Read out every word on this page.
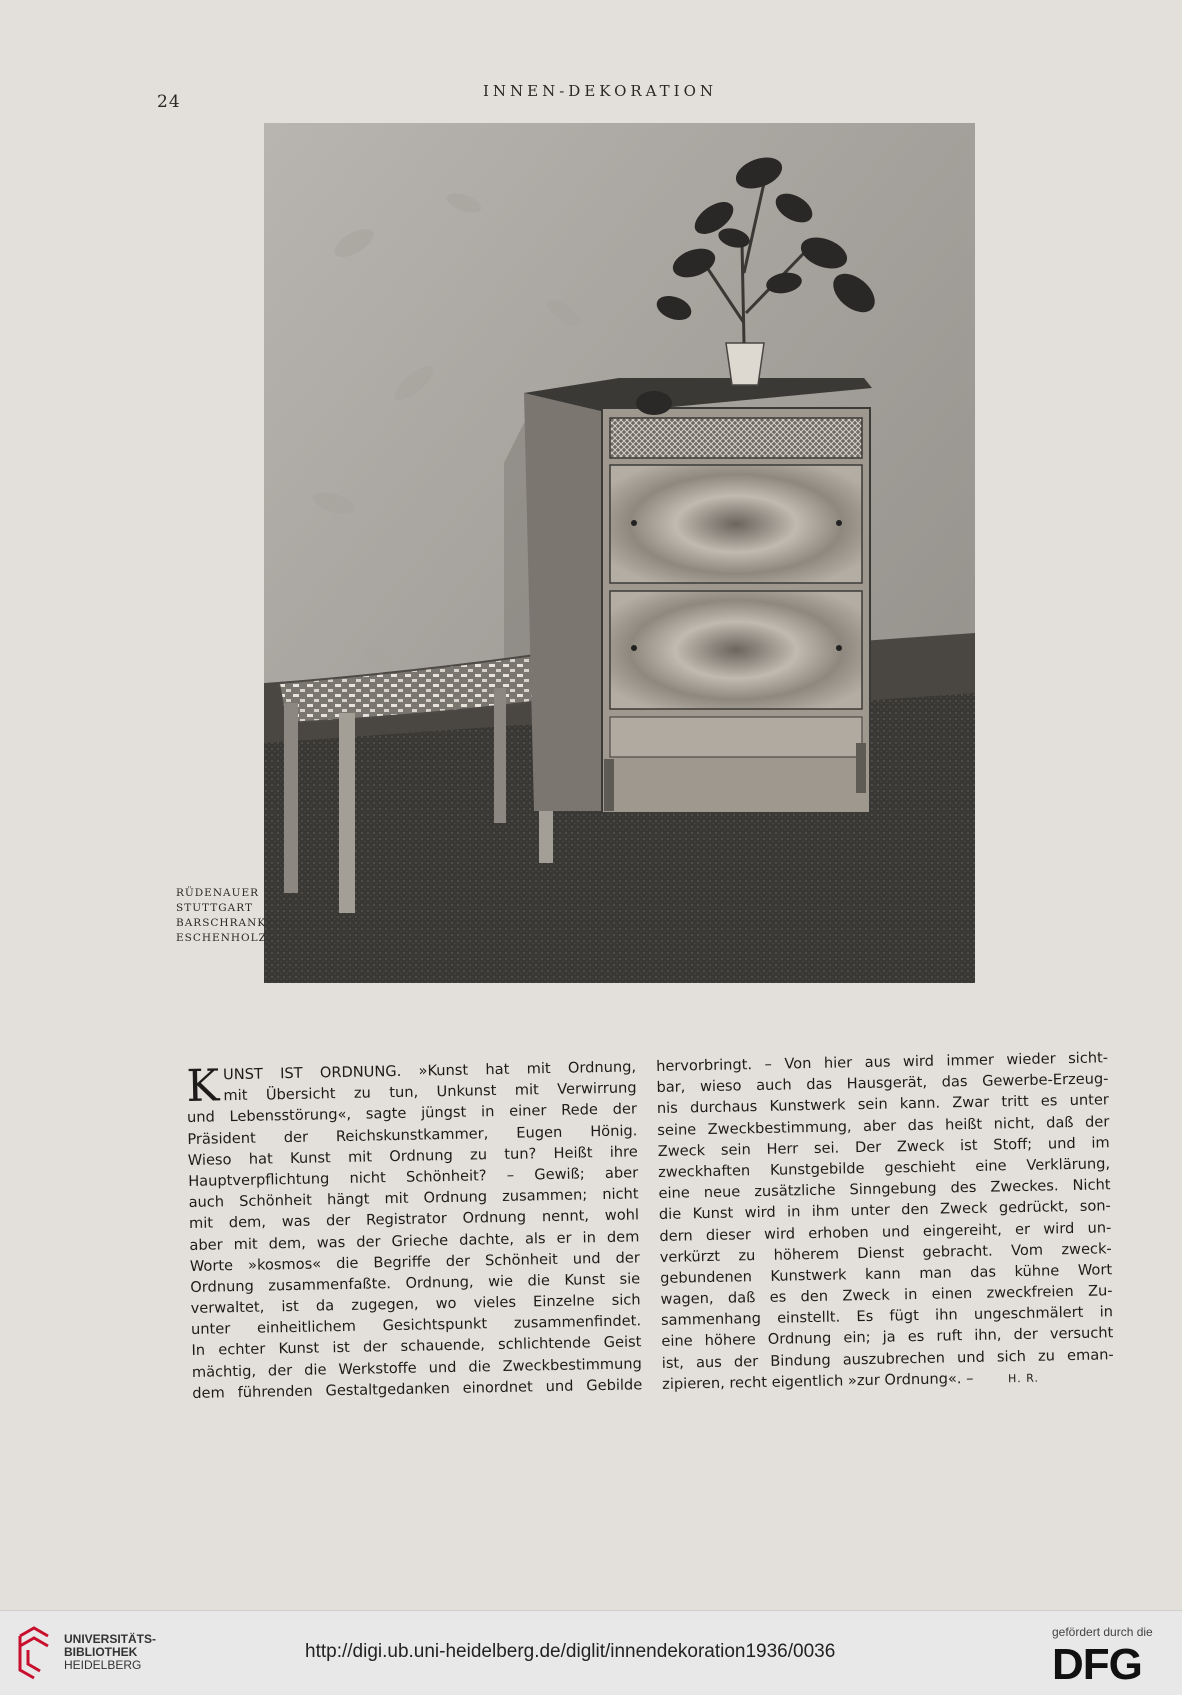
24
INNEN-DEKORATION
RÜDENAUER
STUTTGART
BARSCHRANK
ESCHENHOLZ
K UNST IST ORDNUNG. »Kunst hat mit Ordnung,
mit Übersicht zu tun, Unkunst mit Verwirrung
und Lebensstörung«, sagte jüngst in einer Rede der
Präsident der Reichskunstkammer, Eugen Hönig.
Wieso hat Kunst mit Ordnung zu tun? Heißt ihre
Hauptverpflichtung nicht Schönheit? – Gewiß; aber
auch Schönheit hängt mit Ordnung zusammen; nicht
mit dem, was der Registrator Ordnung nennt, wohl
aber mit dem, was der Grieche dachte, als er in dem
Worte »kosmos« die Begriffe der Schönheit und der
Ordnung zusammenfaßte. Ordnung, wie die Kunst sie
verwaltet, ist da zugegen, wo vieles Einzelne sich
unter einheitlichem Gesichtspunkt zusammenfindet.
In echter Kunst ist der schauende, schlichtende Geist
mächtig, der die Werkstoffe und die Zweckbestimmung
dem führenden Gestaltgedanken einordnet und Gebilde
hervorbringt. – Von hier aus wird immer wieder sicht-
bar, wieso auch das Hausgerät, das Gewerbe-Erzeug-
nis durchaus Kunstwerk sein kann. Zwar tritt es unter
seine Zweckbestimmung, aber das heißt nicht, daß der
Zweck sein Herr sei. Der Zweck ist Stoff; und im
zweckhaften Kunstgebilde geschieht eine Verklärung,
eine neue zusätzliche Sinngebung des Zweckes. Nicht
die Kunst wird in ihm unter den Zweck gedrückt, son-
dern dieser wird erhoben und eingereiht, er wird un-
verkürzt zu höherem Dienst gebracht. Vom zweck-
gebundenen Kunstwerk kann man das kühne Wort
wagen, daß es den Zweck in einen zweckfreien Zu-
sammenhang einstellt. Es fügt ihn ungeschmälert in
eine höhere Ordnung ein; ja es ruft ihn, der versucht
ist, aus der Bindung auszubrechen und sich zu eman-
zipieren, recht eigentlich »zur Ordnung«. –	H. R.
UNIVERSITÄTS-
BIBLIOTHEK
HEIDELBERG
http://digi.ub.uni-heidelberg.de/diglit/innendekoration1936/0036
gefördert durch die
DFG
